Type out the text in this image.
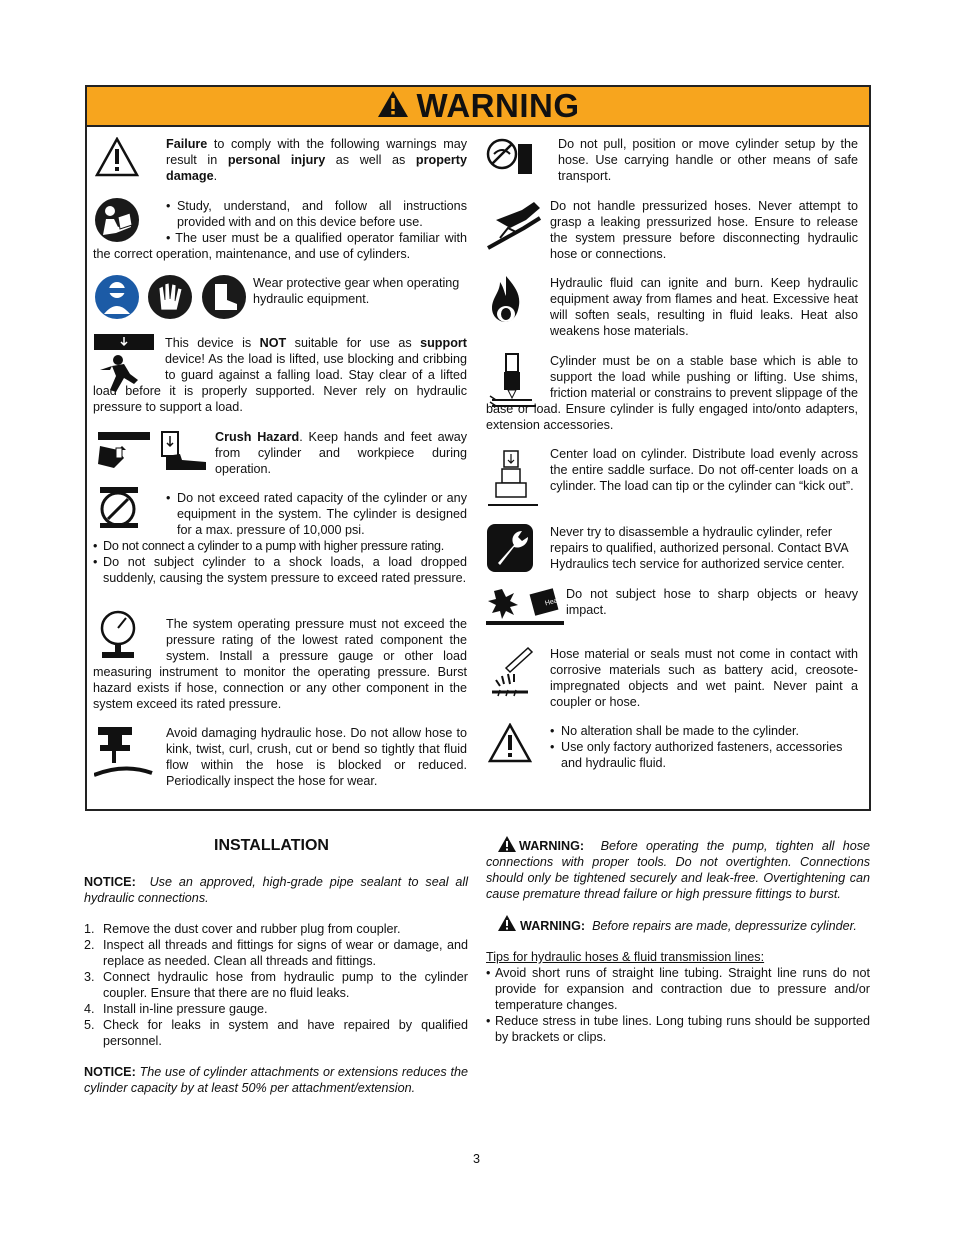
WARNING
Failure to comply with the following warnings may result in personal injury as well as property damage.
• Study, understand, and follow all instructions provided with and on this device before use.
• The user must be a qualified operator familiar with the correct operation, maintenance, and use of cylinders.
Wear protective gear when operating hydraulic equipment.
This device is NOT suitable for use as support device! As the load is lifted, use blocking and cribbing to guard against a falling load. Stay clear of a lifted load before it is properly supported. Never rely on hydraulic pressure to support a load.
Crush Hazard. Keep hands and feet away from cylinder and workpiece during operation.
• Do not exceed rated capacity of the cylinder or any equipment in the system. The cylinder is designed for a max. pressure of 10,000 psi.
• Do not connect a cylinder to a pump with higher pressure rating.
• Do not subject cylinder to a shock loads, a load dropped suddenly, causing the system pressure to exceed rated pressure.
The system operating pressure must not exceed the pressure rating of the lowest rated component the system. Install a pressure gauge or other load measuring instrument to monitor the operating pressure. Burst hazard exists if hose, connection or any other component in the system exceed its rated pressure.
Avoid damaging hydraulic hose. Do not allow hose to kink, twist, curl, crush, cut or bend so tightly that fluid flow within the hose is blocked or reduced. Periodically inspect the hose for wear.
Heavy
Do not pull, position or move cylinder setup by the hose. Use carrying handle or other means of safe transport.
Do not handle pressurized hoses. Never attempt to grasp a leaking pressurized hose. Ensure to release the system pressure before disconnecting hydraulic hose or connections.
Hydraulic fluid can ignite and burn. Keep hydraulic equipment away from flames and heat. Excessive heat will soften seals, resulting in fluid leaks. Heat also weakens hose materials.
Cylinder must be on a stable base which is able to support the load while pushing or lifting. Use shims, friction material or constrains to prevent slippage of the base or load. Ensure cylinder is fully engaged into/onto adapters, extension accessories.
Center load on cylinder. Distribute load evenly across the entire saddle surface. Do not off-center loads on a cylinder. The load can tip or the cylinder can “kick out”.
Never try to disassemble a hydraulic cylinder, refer repairs to qualified, authorized personal. Contact BVA Hydraulics tech service for authorized service center.
Do not subject hose to sharp objects or heavy impact.
Hose material or seals must not come in contact with corrosive materials such as battery acid, creosote-impregnated objects and wet paint. Never paint a coupler or hose.
• No alteration shall be made to the cylinder.
• Use only factory authorized fasteners, accessories and hydraulic fluid.
INSTALLATION
NOTICE: Use an approved, high-grade pipe sealant to seal all hydraulic connections.
1. Remove the dust cover and rubber plug from coupler.
2. Inspect all threads and fittings for signs of wear or damage, and replace as needed. Clean all threads and fittings.
3. Connect hydraulic hose from hydraulic pump to the cylinder coupler. Ensure that there are no fluid leaks.
4. Install in-line pressure gauge.
5. Check for leaks in system and have repaired by qualified personnel.
NOTICE: The use of cylinder attachments or extensions reduces the cylinder capacity by at least 50% per attachment/extension.
WARNING: Before operating the pump, tighten all hose connections with proper tools. Do not overtighten. Connections should only be tightened securely and leak-free. Overtightening can cause premature thread failure or high pressure fittings to burst.
WARNING: Before repairs are made, depressurize cylinder.
Tips for hydraulic hoses & fluid transmission lines:
• Avoid short runs of straight line tubing. Straight line runs do not provide for expansion and contraction due to pressure and/or temperature changes.
• Reduce stress in tube lines. Long tubing runs should be supported by brackets or clips.
3
